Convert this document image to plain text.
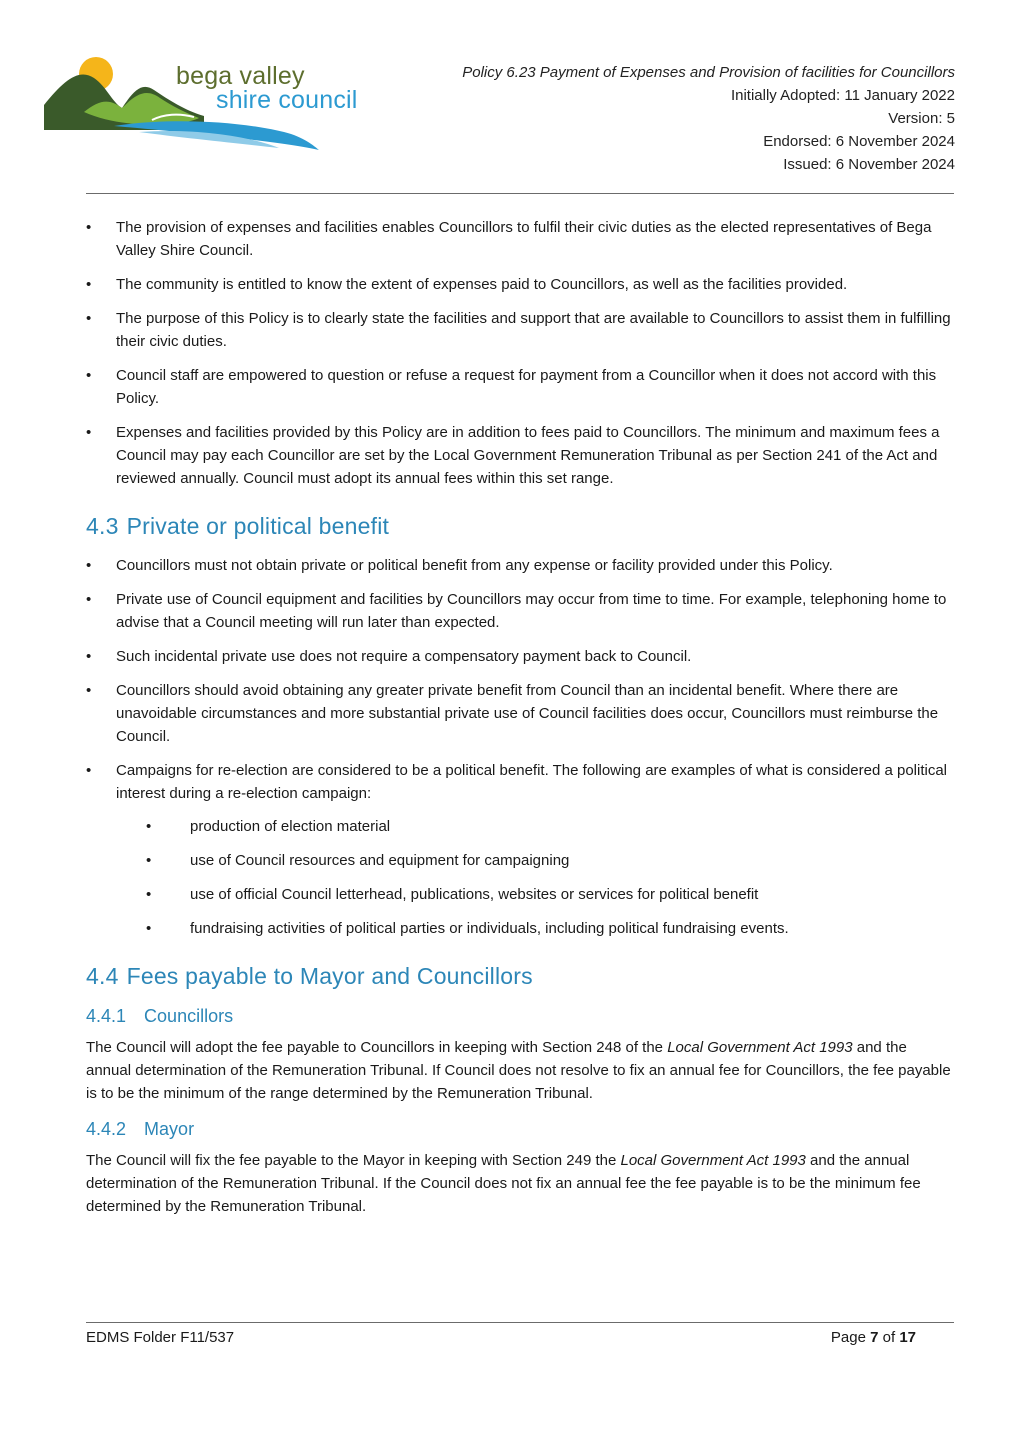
bega valley
shire council
Policy 6.23 Payment of Expenses and Provision of facilities for Councillors
Initially Adopted: 11 January 2022
Version: 5
Endorsed: 6 November 2024
Issued: 6 November 2024
• The provision of expenses and facilities enables Councillors to fulfil their civic duties as the elected representatives of Bega Valley Shire Council.
• The community is entitled to know the extent of expenses paid to Councillors, as well as the facilities provided.
• The purpose of this Policy is to clearly state the facilities and support that are available to Councillors to assist them in fulfilling their civic duties.
• Council staff are empowered to question or refuse a request for payment from a Councillor when it does not accord with this Policy.
• Expenses and facilities provided by this Policy are in addition to fees paid to Councillors. The minimum and maximum fees a Council may pay each Councillor are set by the Local Government Remuneration Tribunal as per Section 241 of the Act and reviewed annually. Council must adopt its annual fees within this set range.
4.3 Private or political benefit
• Councillors must not obtain private or political benefit from any expense or facility provided under this Policy.
• Private use of Council equipment and facilities by Councillors may occur from time to time. For example, telephoning home to advise that a Council meeting will run later than expected.
• Such incidental private use does not require a compensatory payment back to Council.
• Councillors should avoid obtaining any greater private benefit from Council than an incidental benefit. Where there are unavoidable circumstances and more substantial private use of Council facilities does occur, Councillors must reimburse the Council.
• Campaigns for re-election are considered to be a political benefit. The following are examples of what is considered a political interest during a re-election campaign:
• production of election material
• use of Council resources and equipment for campaigning
• use of official Council letterhead, publications, websites or services for political benefit
• fundraising activities of political parties or individuals, including political fundraising events.
4.4 Fees payable to Mayor and Councillors
4.4.1 Councillors

The Council will adopt the fee payable to Councillors in keeping with Section 248 of the Local Government Act 1993 and the annual determination of the Remuneration Tribunal. If Council does not resolve to fix an annual fee for Councillors, the fee payable is to be the minimum of the range determined by the Remuneration Tribunal.

4.4.2 Mayor

The Council will fix the fee payable to the Mayor in keeping with Section 249 the Local Government Act 1993 and the annual determination of the Remuneration Tribunal. If the Council does not fix an annual fee the fee payable is to be the minimum fee determined by the Remuneration Tribunal.

EDMS Folder F11/537	Page 7 of 17
